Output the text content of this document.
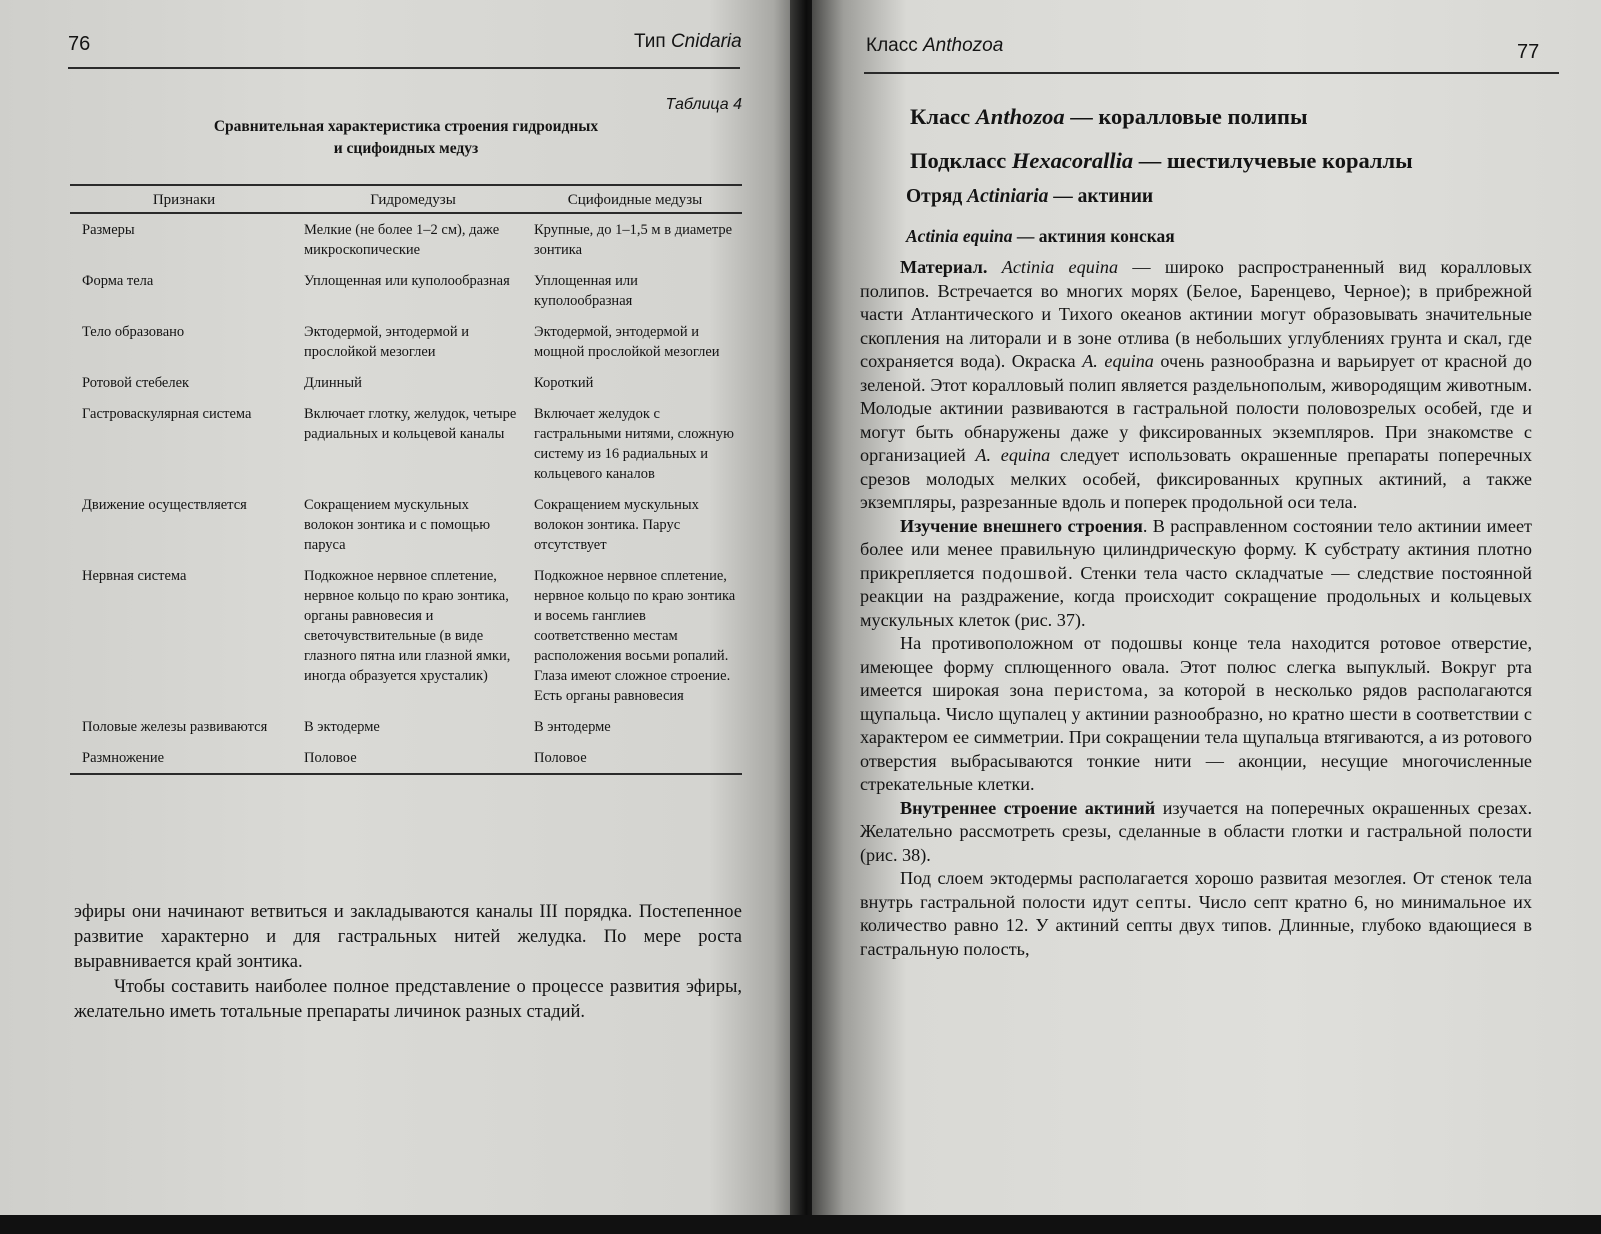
76	Тип Cnidaria
Таблица 4
Сравнительная характеристика строения гидроидных
и сцифоидных медуз
Признаки	Гидромедузы	Сцифоидные медузы
Размеры	Мелкие (не более 1–2 см), даже микроскопические	Крупные, до 1–1,5 м в диаметре зонтика
Форма тела	Уплощенная или куполообразная	Уплощенная или куполообразная
Тело образовано	Эктодермой, энтодермой и прослойкой мезоглеи	Эктодермой, энтодермой и мощной прослойкой мезоглеи
Ротовой стебелек	Длинный	Короткий
Гастроваскулярная система	Включает глотку, желудок, четыре радиальных и кольцевой каналы	Включает желудок с гастральными нитями, сложную систему из 16 радиальных и кольцевого каналов
Движение осуществляется	Сокращением мускульных волокон зонтика и с помощью паруса	Сокращением мускульных волокон зонтика. Парус отсутствует
Нервная система	Подкожное нервное сплетение, нервное кольцо по краю зонтика, органы равновесия и светочувствительные (в виде глазного пятна или глазной ямки, иногда образуется хрусталик)	Подкожное нервное сплетение, нервное кольцо по краю зонтика и восемь ганглиев соответственно местам расположения восьми ропалий. Глаза имеют сложное строение. Есть органы равновесия
Половые железы развиваются	В эктодерме	В энтодерме
Размножение	Половое	Половое

эфиры они начинают ветвиться и закладываются каналы III порядка. Постепенное развитие характерно и для гастральных нитей желудка. По мере роста выравнивается край зонтика.

Чтобы составить наиболее полное представление о процессе развития эфиры, желательно иметь тотальные препараты личинок разных стадий.

Класс Anthozoa	77
Класс Anthozoa — коралловые полипы
Подкласс Hexacorallia — шестилучевые кораллы
Отряд Actiniaria — актинии
Actinia equina — актиния конская

Материал. Actinia equina — широко распространенный вид коралловых полипов. Встречается во многих морях (Белое, Баренцево, Черное); в прибрежной части Атлантического и Тихого океанов актинии могут образовывать значительные скопления на литорали и в зоне отлива (в небольших углублениях грунта и скал, где сохраняется вода). Окраска A. equina очень разнообразна и варьирует от красной до зеленой. Этот коралловый полип является раздельнополым, живородящим животным. Молодые актинии развиваются в гастральной полости половозрелых особей, где и могут быть обнаружены даже у фиксированных экземпляров. При знакомстве с организацией A. equina следует использовать окрашенные препараты поперечных срезов молодых мелких особей, фиксированных крупных актиний, а также экземпляры, разрезанные вдоль и поперек продольной оси тела.

Изучение внешнего строения. В расправленном состоянии тело актинии имеет более или менее правильную цилиндрическую форму. К субстрату актиния плотно прикрепляется подошвой. Стенки тела часто складчатые — следствие постоянной реакции на раздражение, когда происходит сокращение продольных и кольцевых мускульных клеток (рис. 37).

На противоположном от подошвы конце тела находится ротовое отверстие, имеющее форму сплющенного овала. Этот полюс слегка выпуклый. Вокруг рта имеется широкая зона перистома, за которой в несколько рядов располагаются щупальца. Число щупалец у актинии разнообразно, но кратно шести в соответствии с характером ее симметрии. При сокращении тела щупальца втягиваются, а из ротового отверстия выбрасываются тонкие нити — аконции, несущие многочисленные стрекательные клетки.

Внутреннее строение актиний изучается на поперечных окрашенных срезах. Желательно рассмотреть срезы, сделанные в области глотки и гастральной полости (рис. 38).

Под слоем эктодермы располагается хорошо развитая мезоглея. От стенок тела внутрь гастральной полости идут септы. Число септ кратно 6, но минимальное их количество равно 12. У актиний септы двух типов. Длинные, глубоко вдающиеся в гастральную полость,
